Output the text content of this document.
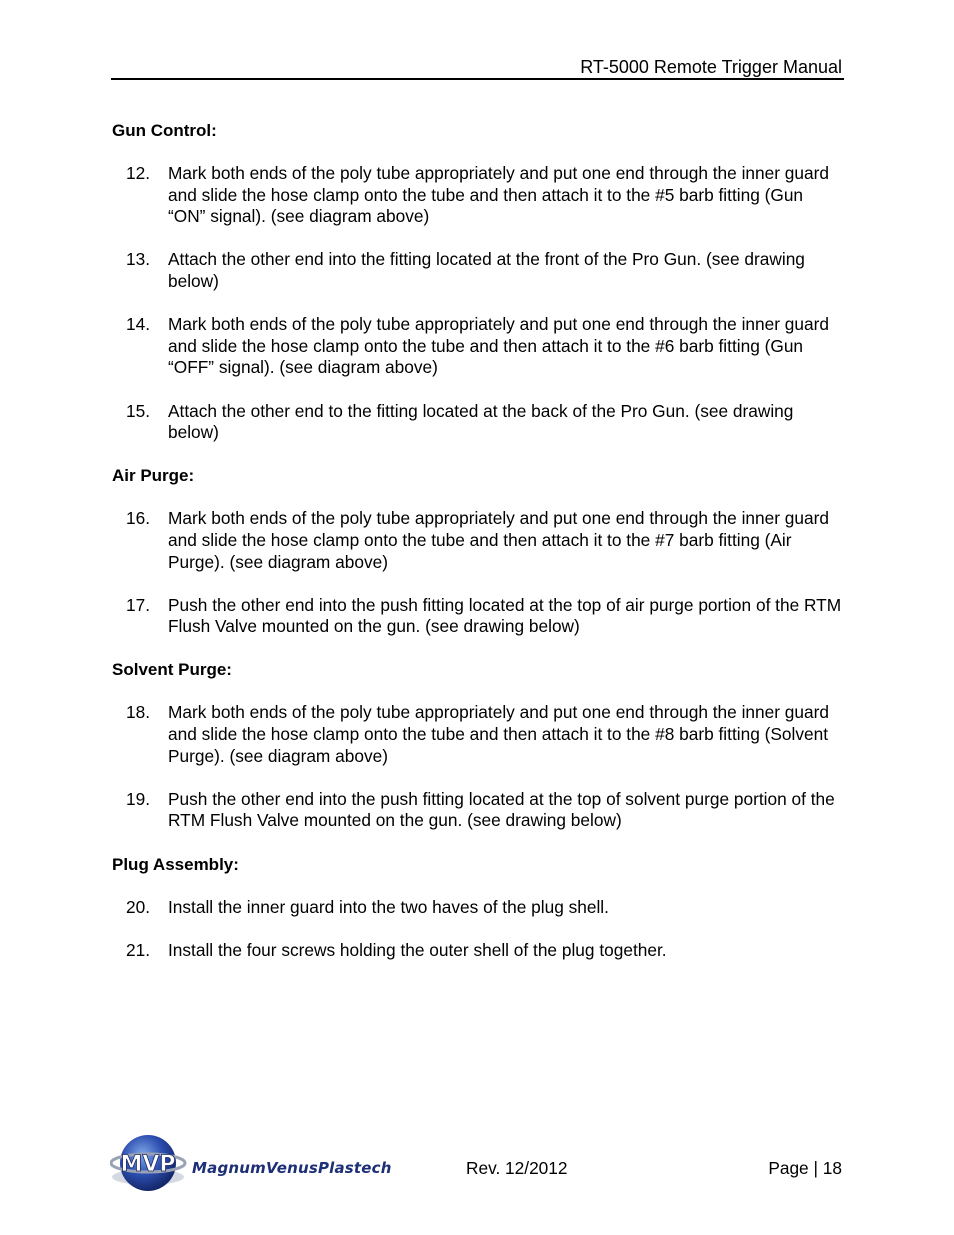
RT-5000 Remote Trigger Manual
Gun Control:
12.	Mark both ends of the poly tube appropriately and put one end through the inner guard and slide the hose clamp onto the tube and then attach it to the #5 barb fitting (Gun “ON” signal). (see diagram above)
13.	Attach the other end into the fitting located at the front of the Pro Gun. (see drawing below)
14.	Mark both ends of the poly tube appropriately and put one end through the inner guard and slide the hose clamp onto the tube and then attach it to the #6 barb fitting (Gun “OFF” signal). (see diagram above)
15.	Attach the other end to the fitting located at the back of the Pro Gun. (see drawing below)
Air Purge:
16.	Mark both ends of the poly tube appropriately and put one end through the inner guard and slide the hose clamp onto the tube and then attach it to the #7 barb fitting (Air Purge). (see diagram above)
17.	Push the other end into the push fitting located at the top of air purge portion of the RTM Flush Valve mounted on the gun. (see drawing below)
Solvent Purge:
18.	Mark both ends of the poly tube appropriately and put one end through the inner guard and slide the hose clamp onto the tube and then attach it to the #8 barb fitting (Solvent Purge). (see diagram above)
19.	Push the other end into the push fitting located at the top of solvent purge portion of the RTM Flush Valve mounted on the gun. (see drawing below)
Plug Assembly:
20.	Install the inner guard into the two haves of the plug shell.
21.	Install the four screws holding the outer shell of the plug together.
MVP MagnumVenusPlastech	Rev. 12/2012	Page | 18
